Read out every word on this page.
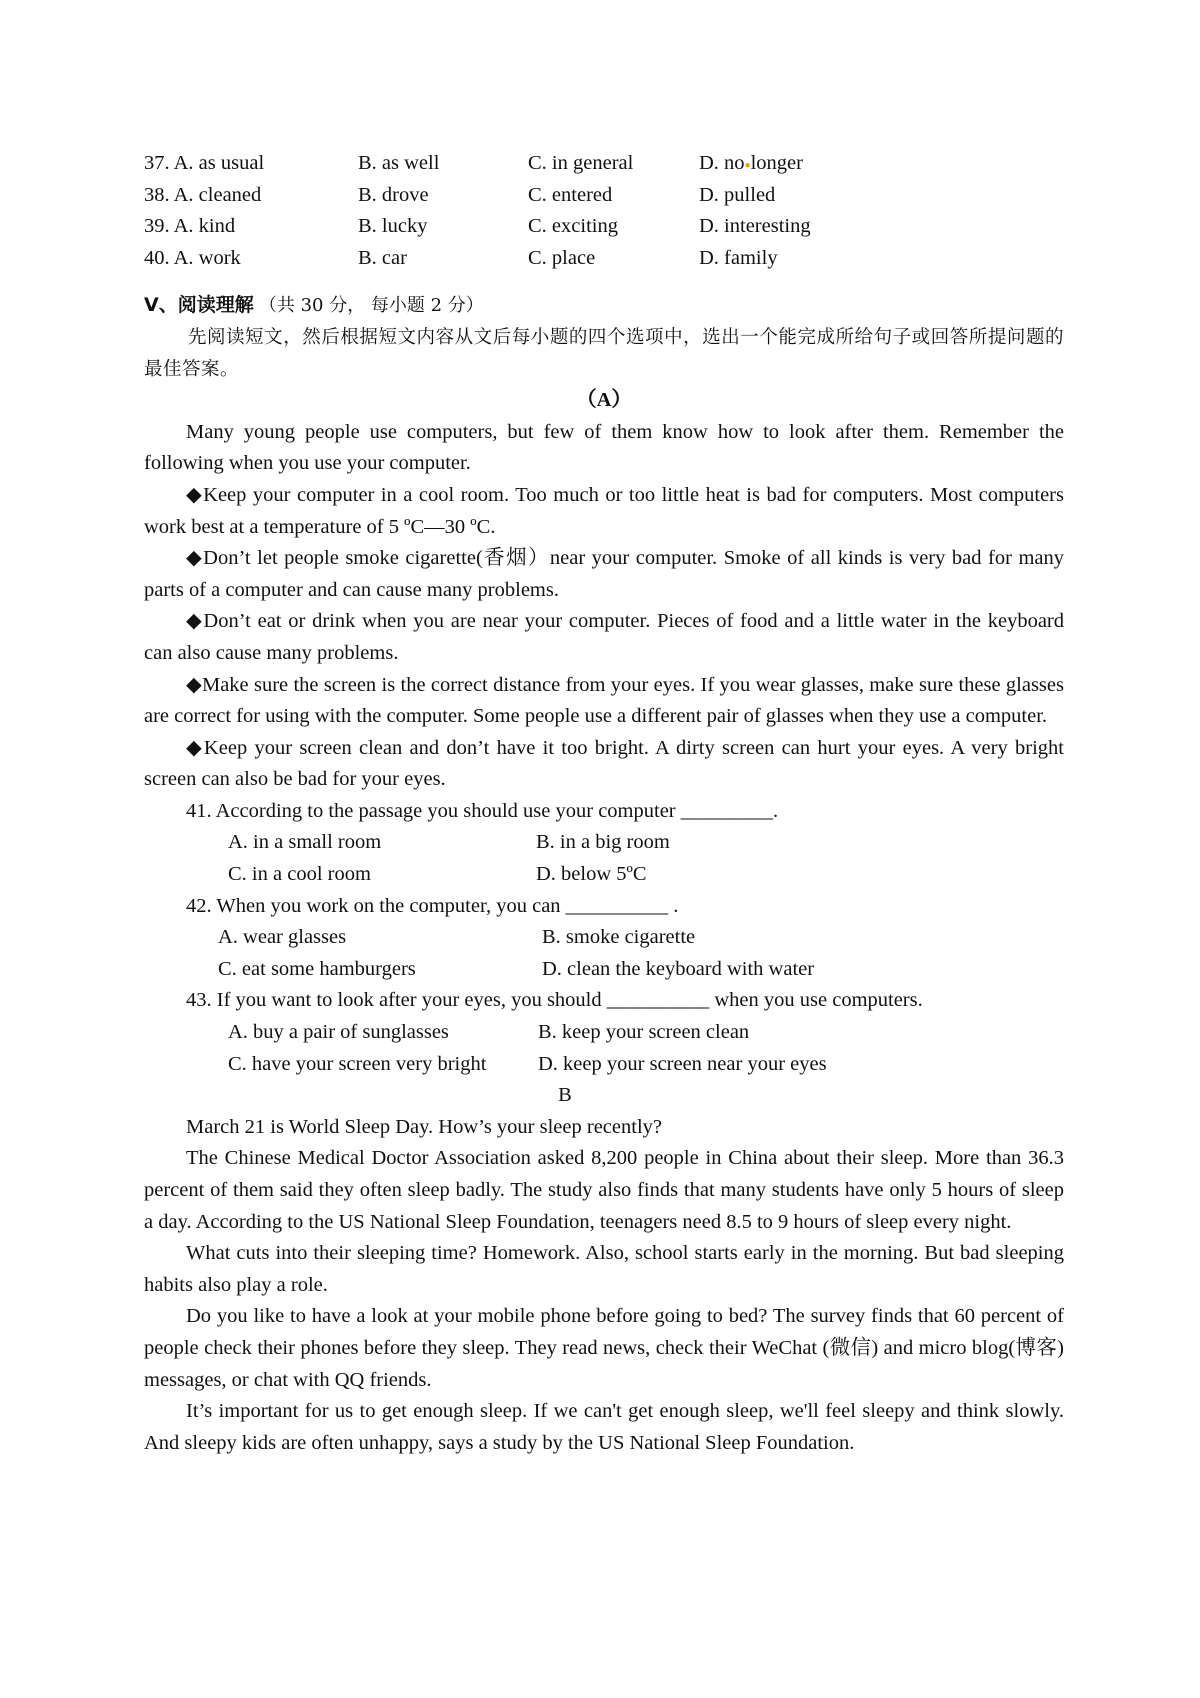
37. A. as usual	B. as well	C. in general	D. no●longer
38. A. cleaned	B. drove	C. entered	D. pulled
39. A. kind	B. lucky	C. exciting	D. interesting
40. A. work	B. car	C. place	D. family
Ⅴ、阅读理解 （共 30 分， 每小题 2 分）

先阅读短文，然后根据短文内容从文后每小题的四个选项中，选出一个能完成所给句子或回答所提问题的最佳答案。

（A）

Many young people use computers, but few of them know how to look after them. Remember the following when you use your computer.

◆Keep your computer in a cool room. Too much or too little heat is bad for computers. Most computers work best at a temperature of 5 ºC—30 ºC.

◆Don’t let people smoke cigarette(香烟）near your computer. Smoke of all kinds is very bad for many parts of a computer and can cause many problems.

◆Don’t eat or drink when you are near your computer. Pieces of food and a little water in the keyboard can also cause many problems.

◆Make sure the screen is the correct distance from your eyes. If you wear glasses, make sure these glasses are correct for using with the computer. Some people use a different pair of glasses when they use a computer.

◆Keep your screen clean and don’t have it too bright. A dirty screen can hurt your eyes. A very bright screen can also be bad for your eyes.

41. According to the passage you should use your computer _________.
A. in a small room	B. in a big room
C. in a cool room	D. below 5ºC
42. When you work on the computer, you can __________ .
A. wear glasses	B. smoke cigarette
C. eat some hamburgers	D. clean the keyboard with water
43. If you want to look after your eyes, you should __________ when you use computers.
A. buy a pair of sunglasses	B. keep your screen clean
C. have your screen very bright	D. keep your screen near your eyes
B

March 21 is World Sleep Day. How’s your sleep recently?

The Chinese Medical Doctor Association asked 8,200 people in China about their sleep. More than 36.3 percent of them said they often sleep badly. The study also finds that many students have only 5 hours of sleep a day. According to the US National Sleep Foundation, teenagers need 8.5 to 9 hours of sleep every night.

What cuts into their sleeping time? Homework. Also, school starts early in the morning. But bad sleeping habits also play a role.

Do you like to have a look at your mobile phone before going to bed? The survey finds that 60 percent of people check their phones before they sleep. They read news, check their WeChat (微信) and micro blog(博客) messages, or chat with QQ friends.

It’s important for us to get enough sleep. If we can't get enough sleep, we'll feel sleepy and think slowly. And sleepy kids are often unhappy, says a study by the US National Sleep Foundation.
